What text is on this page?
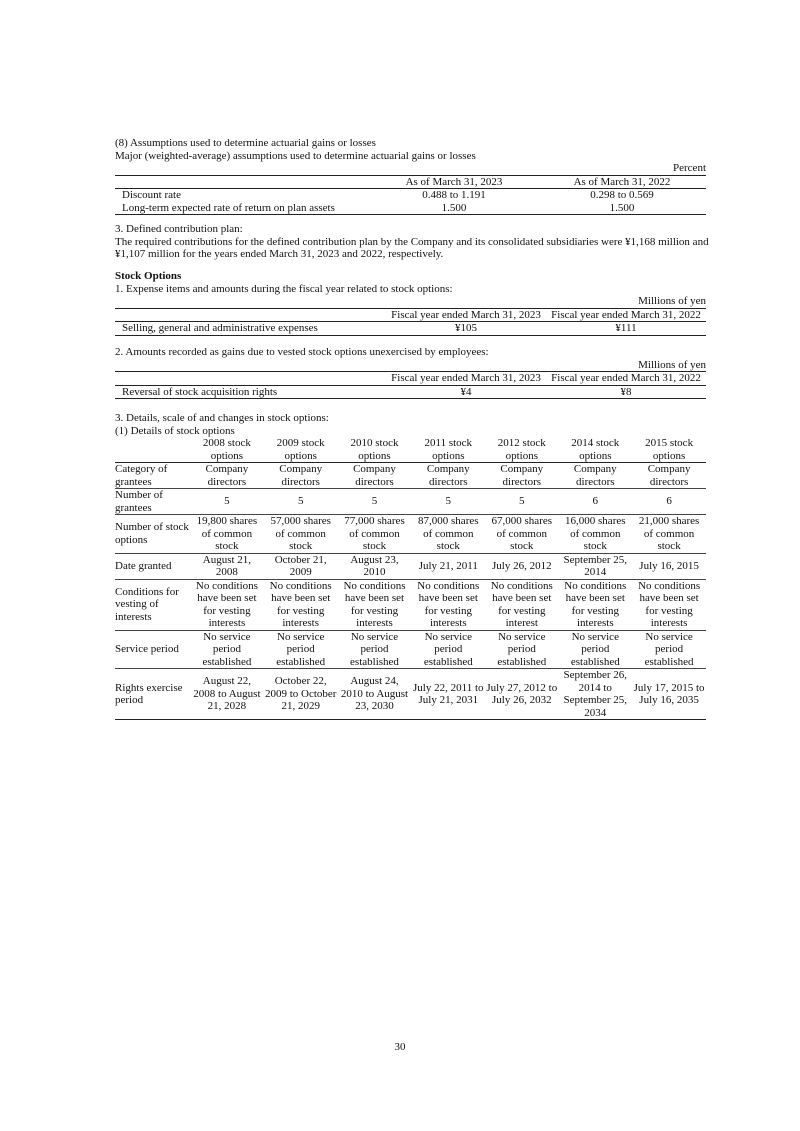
(8) Assumptions used to determine actuarial gains or losses
Major (weighted-average) assumptions used to determine actuarial gains or losses
Percent
	As of March 31, 2023	As of March 31, 2022
Discount rate	0.488 to 1.191	0.298 to 0.569
Long-term expected rate of return on plan assets	1.500	1.500
3. Defined contribution plan:
The required contributions for the defined contribution plan by the Company and its consolidated subsidiaries were ¥1,168 million and
¥1,107 million for the years ended March 31, 2023 and 2022, respectively.
Stock Options
1. Expense items and amounts during the fiscal year related to stock options:
Millions of yen
	Fiscal year ended March 31, 2023	Fiscal year ended March 31, 2022
Selling, general and administrative expenses	¥105	¥111
2. Amounts recorded as gains due to vested stock options unexercised by employees:
Millions of yen
	Fiscal year ended March 31, 2023	Fiscal year ended March 31, 2022
Reversal of stock acquisition rights	¥4	¥8
3. Details, scale of and changes in stock options:
(1) Details of stock options
	2008 stock options	2009 stock options	2010 stock options	2011 stock options	2012 stock options	2014 stock options	2015 stock options
Category of grantees	Company directors	Company directors	Company directors	Company directors	Company directors	Company directors	Company directors
Number of grantees	5	5	5	5	5	6	6
Number of stock options	19,800 shares of common stock	57,000 shares of common stock	77,000 shares of common stock	87,000 shares of common stock	67,000 shares of common stock	16,000 shares of common stock	21,000 shares of common stock
Date granted	August 21, 2008	October 21, 2009	August 23, 2010	July 21, 2011	July 26, 2012	September 25, 2014	July 16, 2015
Conditions for vesting of interests	No conditions have been set for vesting interests	No conditions have been set for vesting interests	No conditions have been set for vesting interests	No conditions have been set for vesting interests	No conditions have been set for vesting interest	No conditions have been set for vesting interests	No conditions have been set for vesting interests
Service period	No service period established	No service period established	No service period established	No service period established	No service period established	No service period established	No service period established
Rights exercise period	August 22, 2008 to August 21, 2028	October 22, 2009 to October 21, 2029	August 24, 2010 to August 23, 2030	July 22, 2011 to July 21, 2031	July 27, 2012 to July 26, 2032	September 26, 2014 to September 25, 2034	July 17, 2015 to July 16, 2035
30
